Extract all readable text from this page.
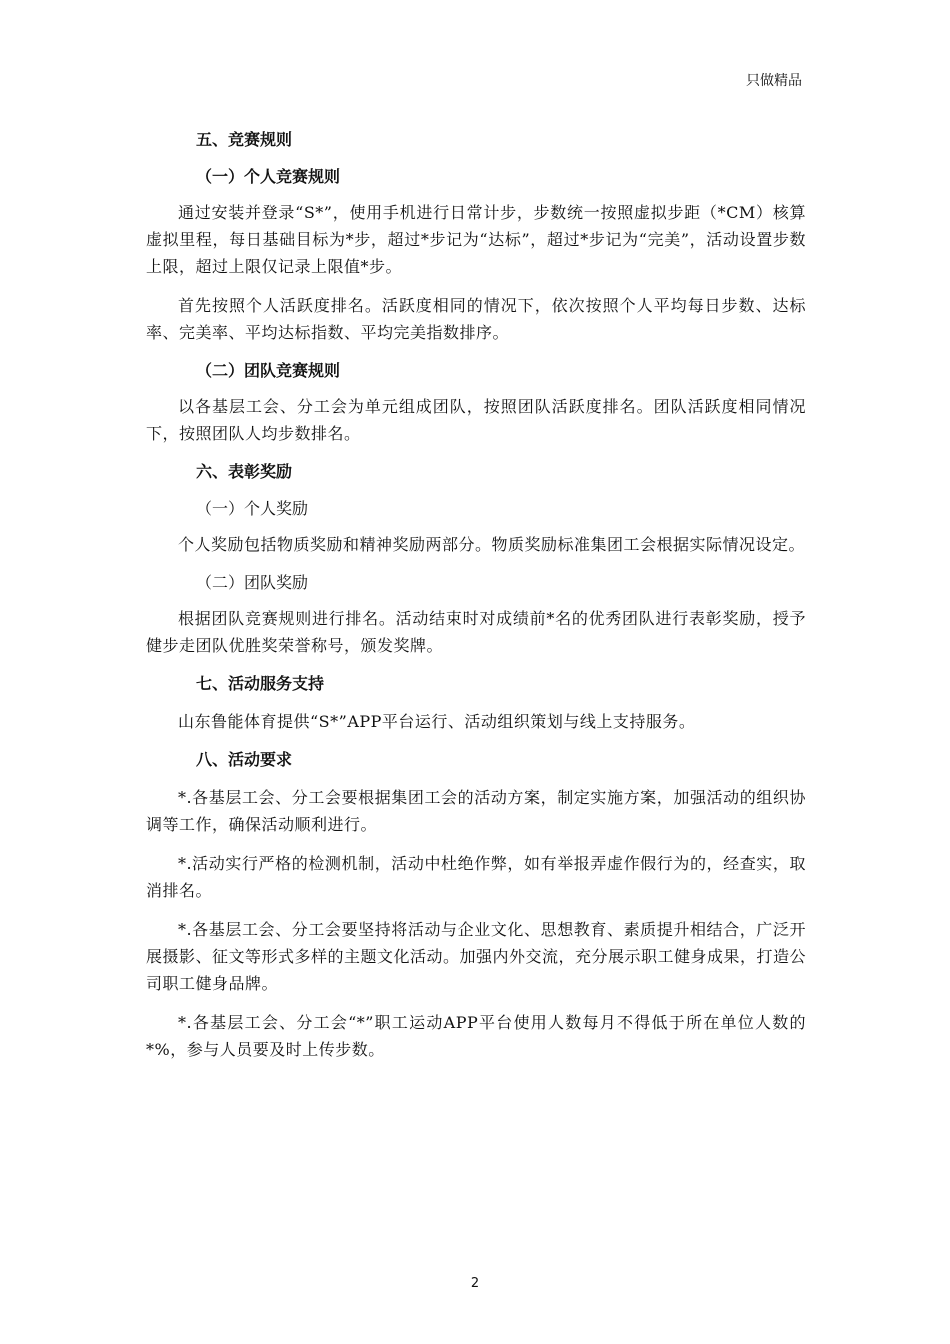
只做精品
五、竞赛规则
（一）个人竞赛规则

通过安装并登录“S*”，使用手机进行日常计步，步数统一按照虚拟步距（*CM）核算虚拟里程，每日基础目标为*步，超过*步记为“达标”，超过*步记为“完美”，活动设置步数上限，超过上限仅记录上限值*步。

首先按照个人活跃度排名。活跃度相同的情况下，依次按照个人平均每日步数、达标率、完美率、平均达标指数、平均完美指数排序。

（二）团队竞赛规则

以各基层工会、分工会为单元组成团队，按照团队活跃度排名。团队活跃度相同情况下，按照团队人均步数排名。

六、表彰奖励
（一）个人奖励

个人奖励包括物质奖励和精神奖励两部分。物质奖励标准集团工会根据实际情况设定。

（二）团队奖励

根据团队竞赛规则进行排名。活动结束时对成绩前*名的优秀团队进行表彰奖励，授予健步走团队优胜奖荣誉称号，颁发奖牌。

七、活动服务支持

山东鲁能体育提供“S*”APP平台运行、活动组织策划与线上支持服务。

八、活动要求

*.各基层工会、分工会要根据集团工会的活动方案，制定实施方案，加强活动的组织协调等工作，确保活动顺利进行。

*.活动实行严格的检测机制，活动中杜绝作弊，如有举报弄虚作假行为的，经查实，取消排名。

*.各基层工会、分工会要坚持将活动与企业文化、思想教育、素质提升相结合，广泛开展摄影、征文等形式多样的主题文化活动。加强内外交流，充分展示职工健身成果，打造公司职工健身品牌。

*.各基层工会、分工会“*”职工运动APP平台使用人数每月不得低于所在单位人数的*%，参与人员要及时上传步数。

2
